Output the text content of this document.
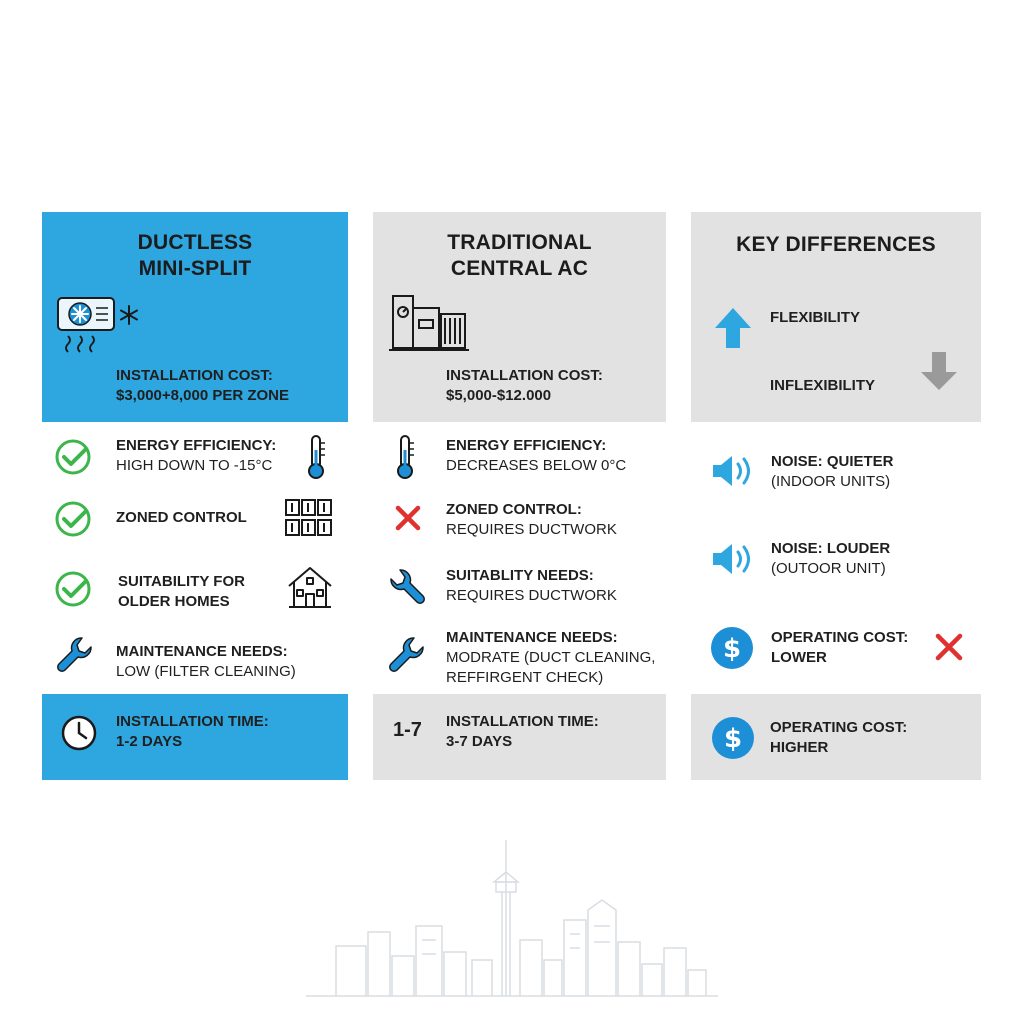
DUCTLESS
MINI-SPLIT
INSTALLATION COST:
$3,000+8,000 PER ZONE
ENERGY EFFICIENCY:
HIGH DOWN TO -15°C
ZONED CONTROL
SUITABILITY FOR
OLDER HOMES
MAINTENANCE NEEDS:
LOW (FILTER CLEANING)
INSTALLATION TIME:
1-2 DAYS
TRADITIONAL
CENTRAL AC
INSTALLATION COST:
$5,000-$12.000
ENERGY EFFICIENCY:
DECREASES BELOW 0°C
ZONED CONTROL:
REQUIRES DUCTWORK
SUITABLITY NEEDS:
REQUIRES DUCTWORK
MAINTENANCE NEEDS:
MODRATE (DUCT CLEANING,
REFFIRGENT CHECK)
1-7 INSTALLATION TIME:
3-7 DAYS
KEY DIFFERENCES
FLEXIBILITY
INFLEXIBILITY
NOISE: QUIETER
(INDOOR UNITS)
NOISE: LOUDER
(OUTOOR UNIT)
$ OPERATING COST:
LOWER
$ OPERATING COST:
HIGHER
